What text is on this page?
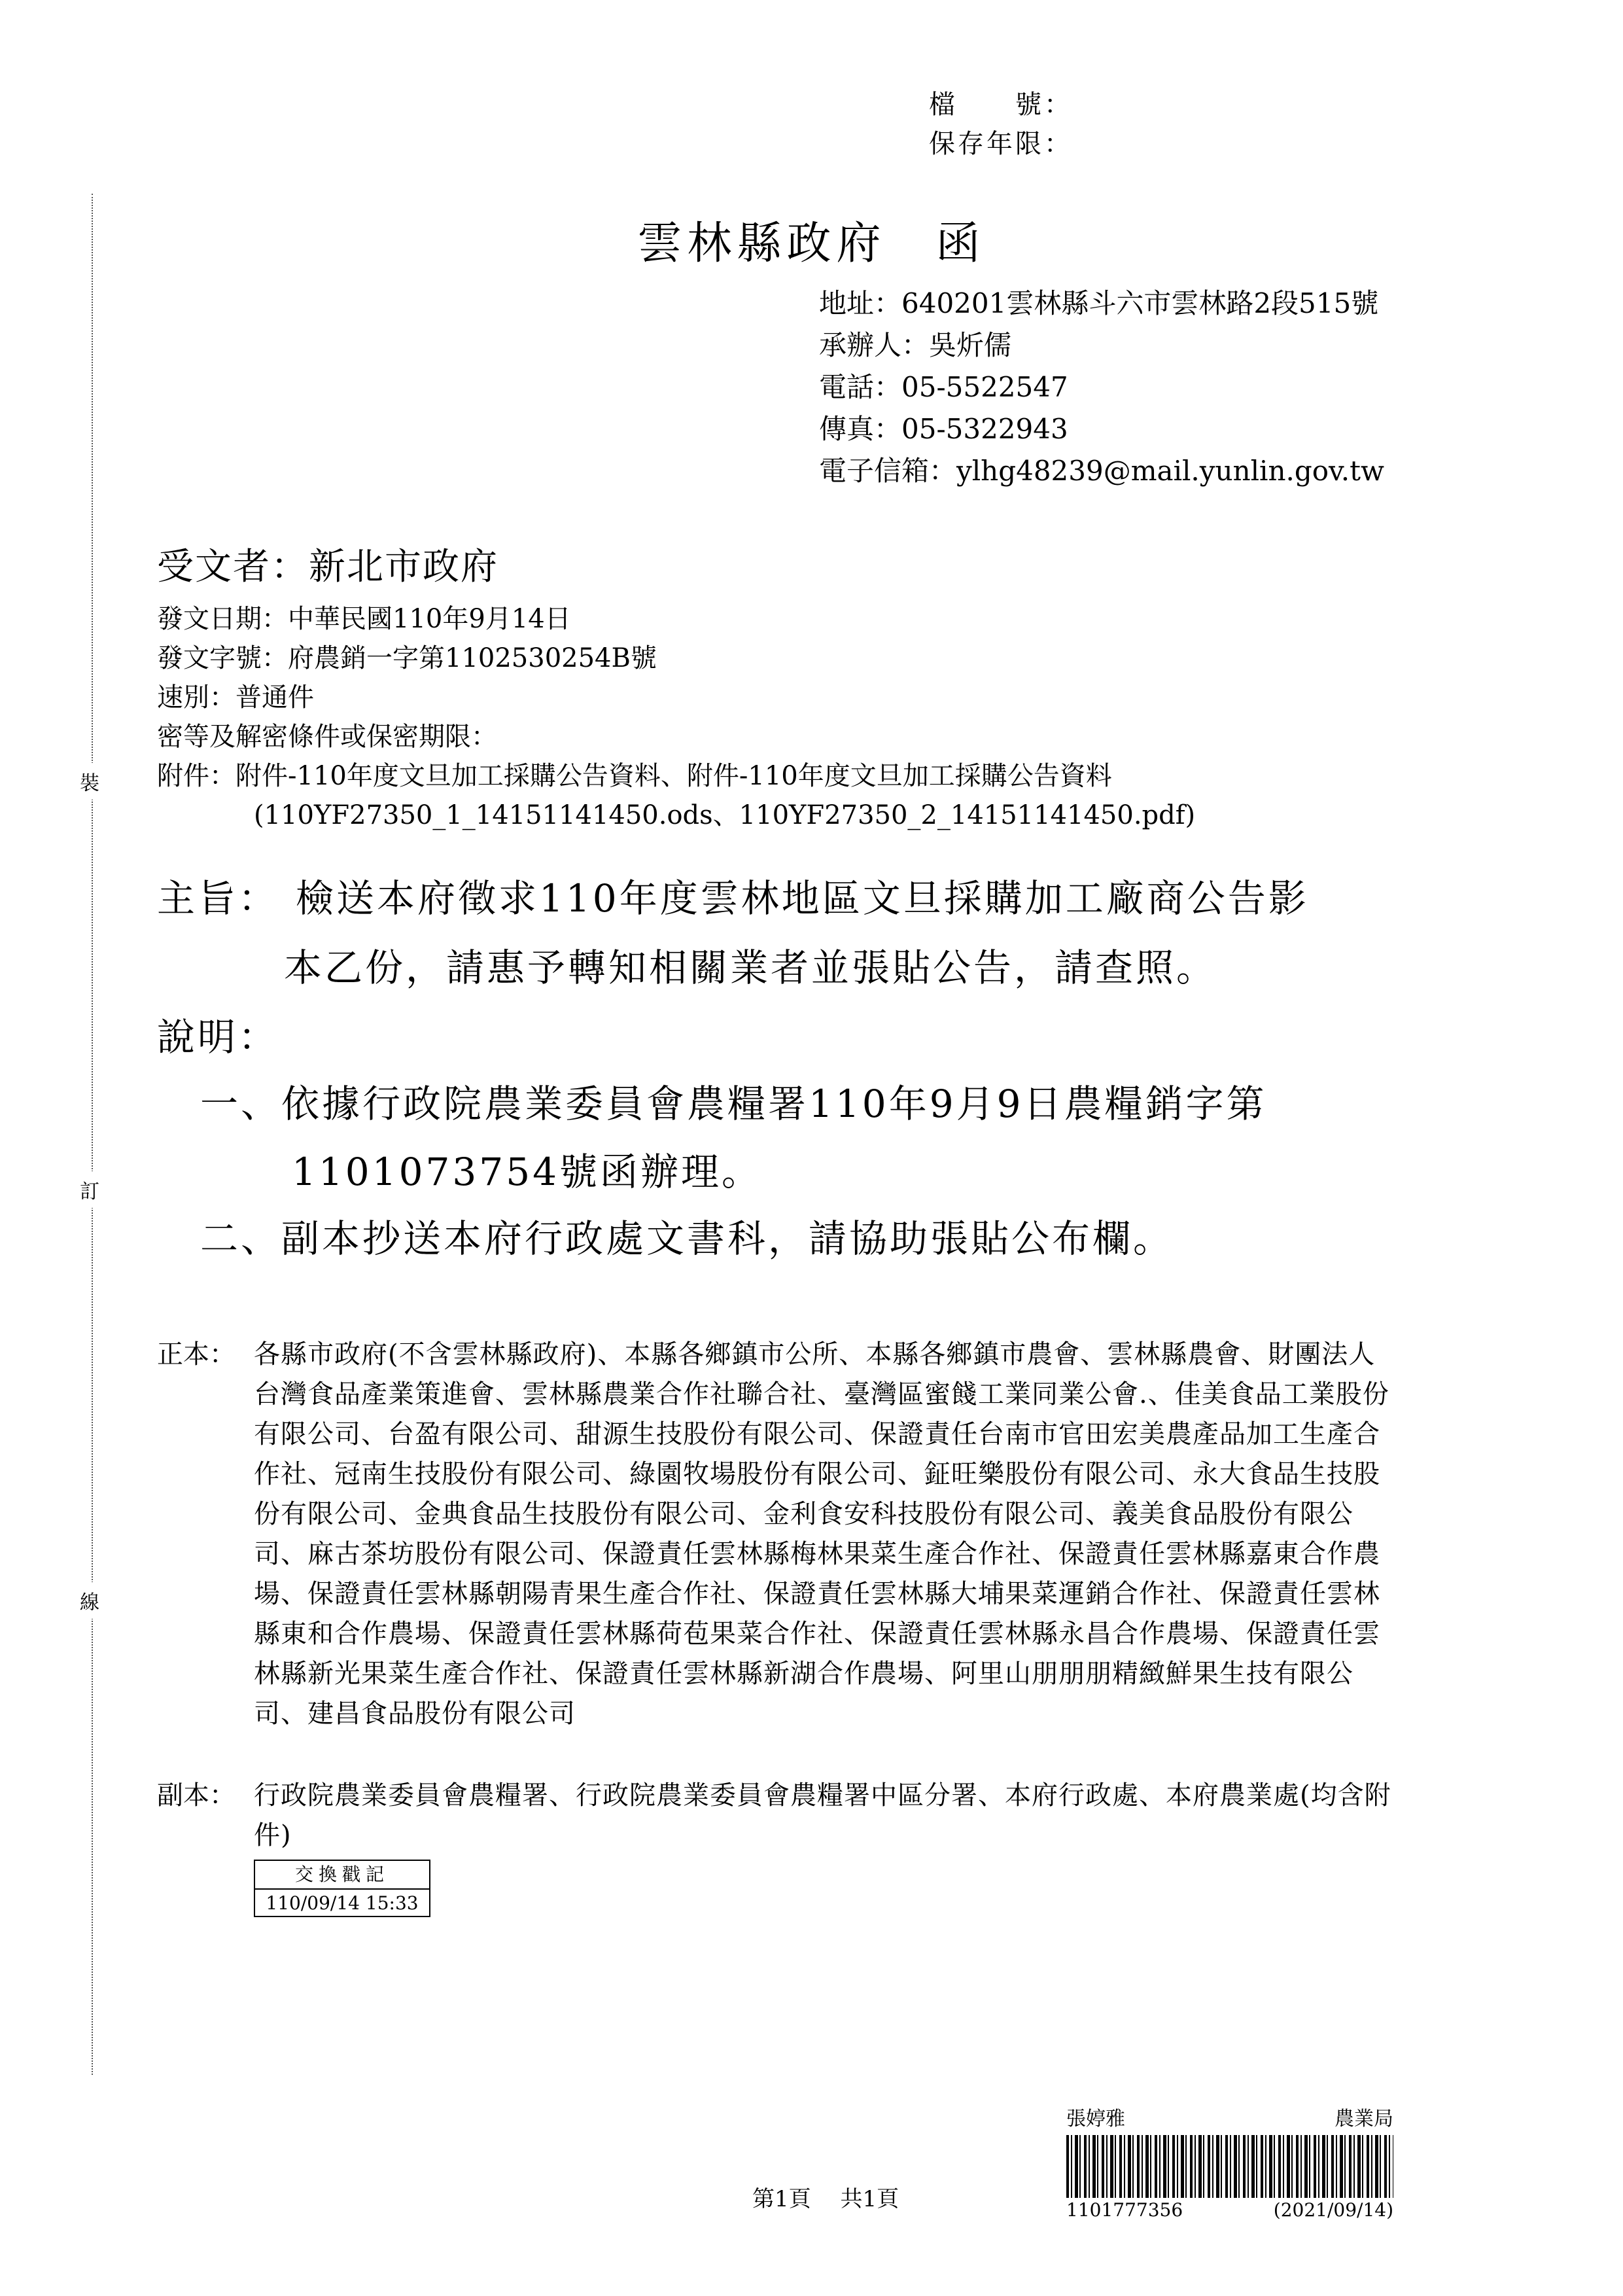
檔　　號：
保存年限：
裝
訂
線
雲林縣政府　函
地址：640201雲林縣斗六市雲林路2段515號
承辦人：吳炘儒
電話：05-5522547
傳真：05-5322943
電子信箱：ylhg48239@mail.yunlin.gov.tw
受文者：新北市政府
發文日期：中華民國110年9月14日
發文字號：府農銷一字第1102530254B號
速別：普通件
密等及解密條件或保密期限：
附件：附件-110年度文旦加工採購公告資料、附件-110年度文旦加工採購公告資料
(110YF27350_1_14151141450.ods、110YF27350_2_14151141450.pdf)
主旨： 檢送本府徵求110年度雲林地區文旦採購加工廠商公告影
本乙份，請惠予轉知相關業者並張貼公告，請查照。
說明：
一、依據行政院農業委員會農糧署110年9月9日農糧銷字第
1101073754號函辦理。
二、副本抄送本府行政處文書科，請協助張貼公布欄。
正本： 各縣市政府(不含雲林縣政府)、本縣各鄉鎮市公所、本縣各鄉鎮市農會、雲林縣農會、財團法人台灣食品產業策進會、雲林縣農業合作社聯合社、臺灣區蜜餞工業同業公會.、佳美食品工業股份有限公司、台盈有限公司、甜源生技股份有限公司、保證責任台南市官田宏美農產品加工生產合作社、冠南生技股份有限公司、綠園牧場股份有限公司、鉦旺樂股份有限公司、永大食品生技股份有限公司、金典食品生技股份有限公司、金利食安科技股份有限公司、義美食品股份有限公司、麻古茶坊股份有限公司、保證責任雲林縣梅林果菜生產合作社、保證責任雲林縣嘉東合作農場、保證責任雲林縣朝陽青果生產合作社、保證責任雲林縣大埔果菜運銷合作社、保證責任雲林縣東和合作農場、保證責任雲林縣荷苞果菜合作社、保證責任雲林縣永昌合作農場、保證責任雲林縣新光果菜生產合作社、保證責任雲林縣新湖合作農場、阿里山朋朋朋精緻鮮果生技有限公司、建昌食品股份有限公司
副本： 行政院農業委員會農糧署、行政院農業委員會農糧署中區分署、本府行政處、本府農業處(均含附件)
交換戳記
110/09/14 15:33
第1頁　 共1頁
張婷雅	農業局
1101777356	(2021/09/14)
